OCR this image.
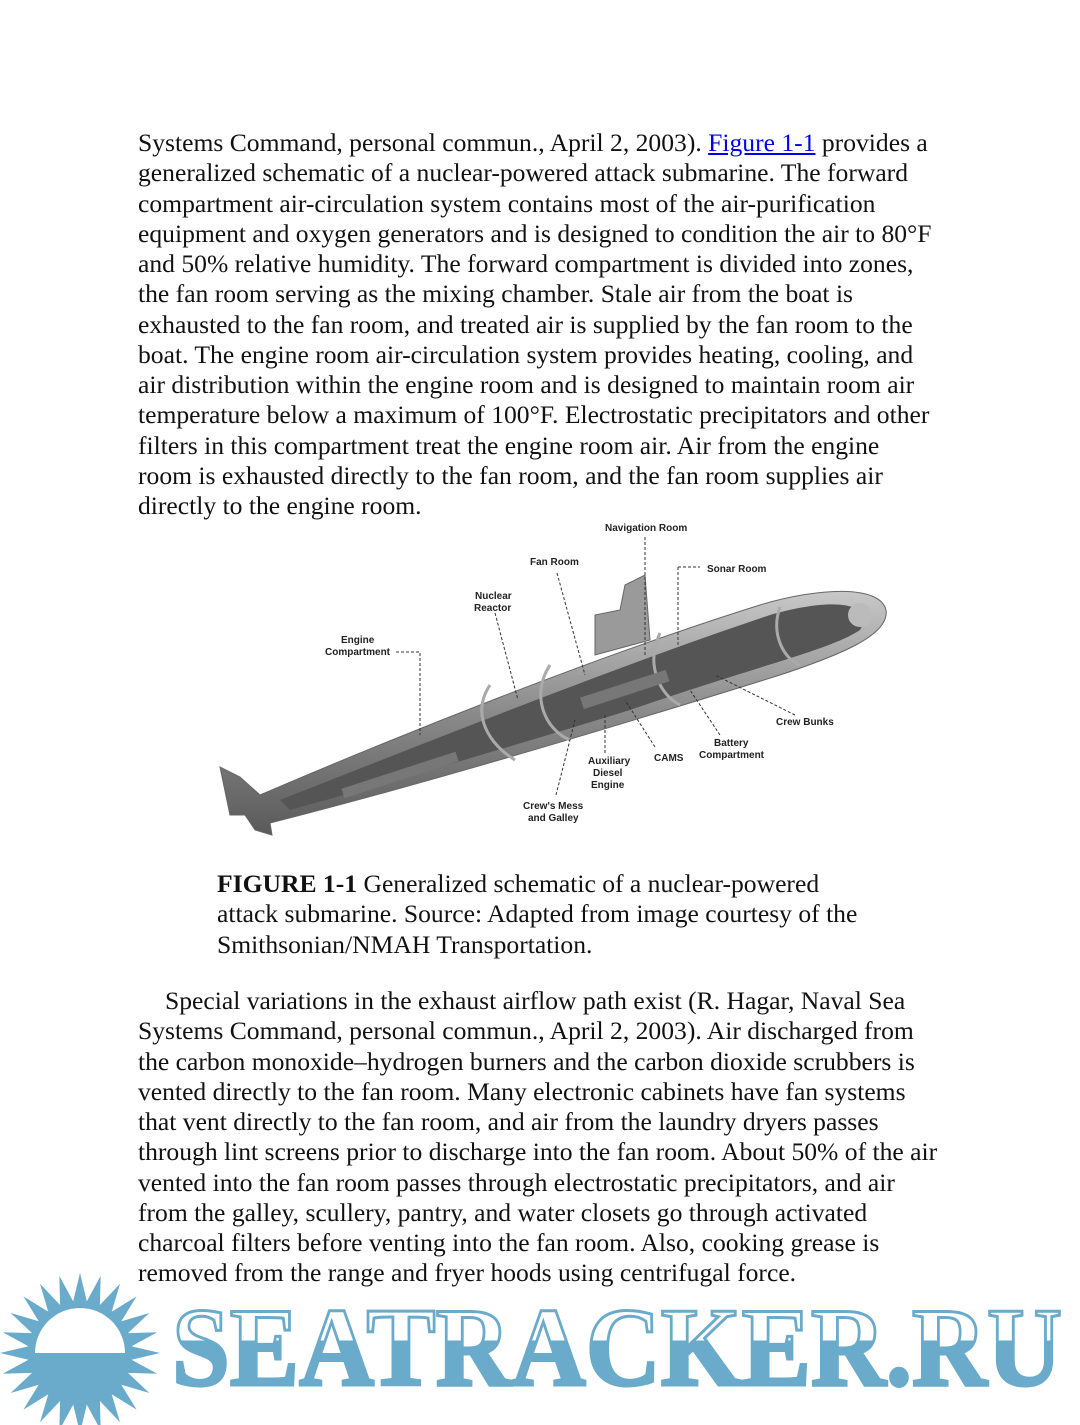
Systems Command, personal commun., April 2, 2003). Figure 1-1 provides a
generalized schematic of a nuclear-powered attack submarine. The forward
compartment air-circulation system contains most of the air-purification
equipment and oxygen generators and is designed to condition the air to 80°F
and 50% relative humidity. The forward compartment is divided into zones,
the fan room serving as the mixing chamber. Stale air from the boat is
exhausted to the fan room, and treated air is supplied by the fan room to the
boat. The engine room air-circulation system provides heating, cooling, and
air distribution within the engine room and is designed to maintain room air
temperature below a maximum of 100°F. Electrostatic precipitators and other
filters in this compartment treat the engine room air. Air from the engine
room is exhausted directly to the fan room, and the fan room supplies air
directly to the engine room.
Navigation Room
Fan Room
Sonar Room
Nuclear
Reactor
Engine
Compartment
Crew Bunks
Battery
Compartment
CAMS
Auxiliary
Diesel
Engine
Crew's Mess
and Galley
FIGURE 1-1 Generalized schematic of a nuclear-powered
attack submarine. Source: Adapted from image courtesy of the
Smithsonian/NMAH Transportation.
Special variations in the exhaust airflow path exist (R. Hagar, Naval Sea
Systems Command, personal commun., April 2, 2003). Air discharged from
the carbon monoxide–hydrogen burners and the carbon dioxide scrubbers is
vented directly to the fan room. Many electronic cabinets have fan systems
that vent directly to the fan room, and air from the laundry dryers passes
through lint screens prior to discharge into the fan room. About 50% of the air
vented into the fan room passes through electrostatic precipitators, and air
from the galley, scullery, pantry, and water closets go through activated
charcoal filters before venting into the fan room. Also, cooking grease is
removed from the range and fryer hoods using centrifugal force.
SEATRACKER.RU
